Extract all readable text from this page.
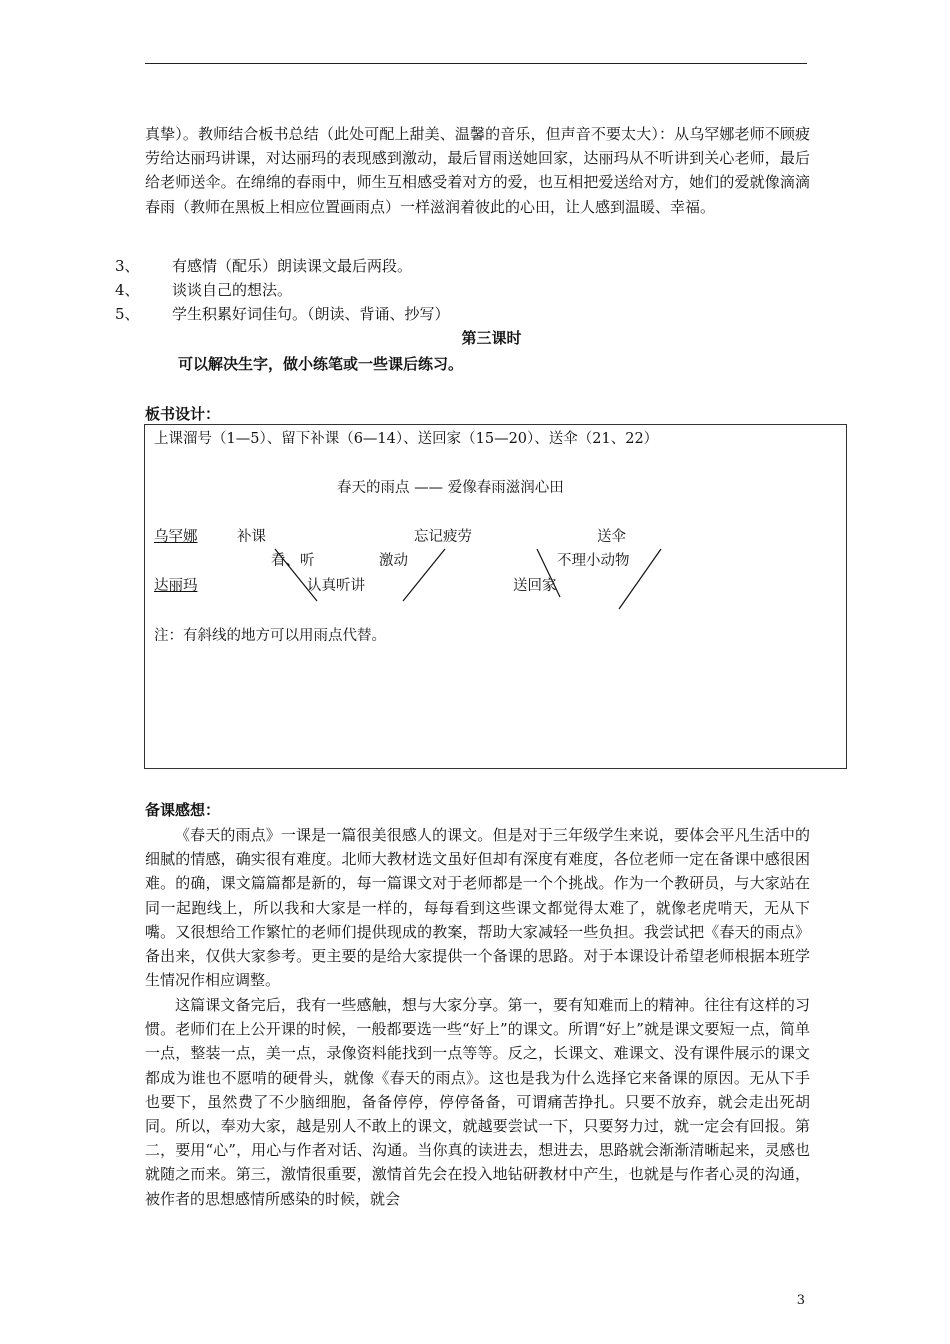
真挚）。教师结合板书总结（此处可配上甜美、温馨的音乐，但声音不要太大）：从乌罕娜老师不顾疲劳给达丽玛讲课，对达丽玛的表现感到激动，最后冒雨送她回家，达丽玛从不听讲到关心老师，最后给老师送伞。在绵绵的春雨中，师生互相感受着对方的爱，也互相把爱送给对方，她们的爱就像滴滴春雨（教师在黑板上相应位置画雨点）一样滋润着彼此的心田，让人感到温暖、幸福。
3、 有感情（配乐）朗读课文最后两段。
4、 谈谈自己的想法。
5、 学生积累好词佳句。（朗读、背诵、抄写）
第三课时
可以解决生字，做小练笔或一些课后练习。
板书设计：
上课溜号（1—5）、留下补课（6—14）、送回家（15—20）、送伞（21、22）
春天的雨点 —— 爱像春雨滋润心田
乌罕娜	补课	忘记疲劳	送伞
看、听	激动	不理小动物
达丽玛	认真听讲	送回家
注：有斜线的地方可以用雨点代替。
备课感想：
《春天的雨点》一课是一篇很美很感人的课文。但是对于三年级学生来说，要体会平凡生活中的细腻的情感，确实很有难度。北师大教材选文虽好但却有深度有难度，各位老师一定在备课中感很困难。的确，课文篇篇都是新的，每一篇课文对于老师都是一个个挑战。作为一个教研员，与大家站在同一起跑线上，所以我和大家是一样的，每每看到这些课文都觉得太难了，就像老虎啃天，无从下嘴。又很想给工作繁忙的老师们提供现成的教案，帮助大家减轻一些负担。我尝试把《春天的雨点》备出来，仅供大家参考。更主要的是给大家提供一个备课的思路。对于本课设计希望老师根据本班学生情况作相应调整。
这篇课文备完后，我有一些感触，想与大家分享。第一，要有知难而上的精神。往往有这样的习惯。老师们在上公开课的时候，一般都要选一些“好上”的课文。所谓“好上”就是课文要短一点，简单一点，整装一点，美一点，录像资料能找到一点等等。反之，长课文、难课文、没有课件展示的课文都成为谁也不愿啃的硬骨头，就像《春天的雨点》。这也是我为什么选择它来备课的原因。无从下手也要下，虽然费了不少脑细胞，备备停停，停停备备，可谓痛苦挣扎。只要不放弃，就会走出死胡同。所以，奉劝大家，越是别人不敢上的课文，就越要尝试一下，只要努力过，就一定会有回报。第二，要用“心”，用心与作者对话、沟通。当你真的读进去，想进去，思路就会渐渐清晰起来，灵感也就随之而来。第三，激情很重要，激情首先会在投入地钻研教材中产生，也就是与作者心灵的沟通，被作者的思想感情所感染的时候，就会
3
